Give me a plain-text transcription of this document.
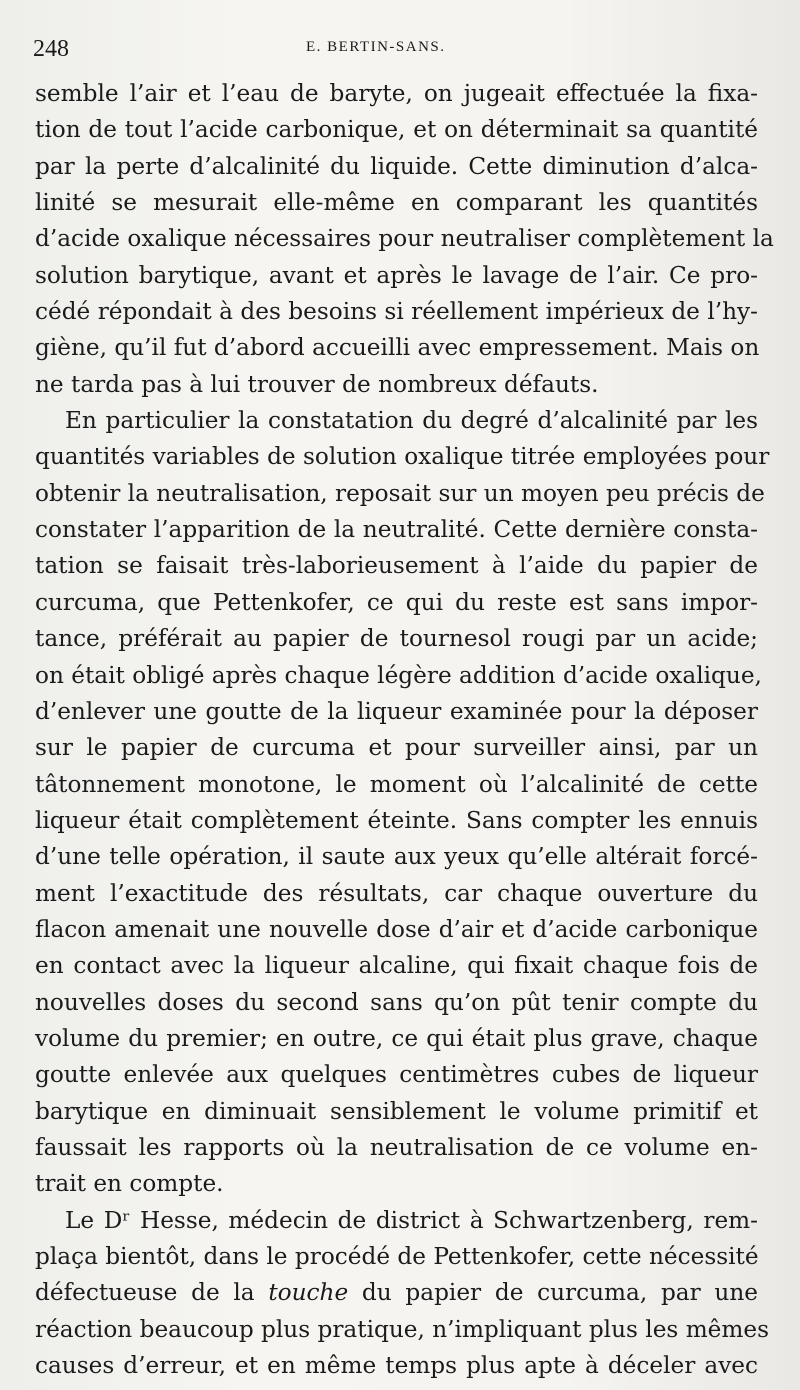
248	E. BERTIN-SANS.

semble l’air et l’eau de baryte, on jugeait effectuée la fixa-
tion de tout l’acide carbonique, et on déterminait sa quantité
par la perte d’alcalinité du liquide. Cette diminution d’alca-
linité se mesurait elle-même en comparant les quantités
d’acide oxalique nécessaires pour neutraliser complètement la
solution barytique, avant et après le lavage de l’air. Ce pro-
cédé répondait à des besoins si réellement impérieux de l’hy-
giène, qu’il fut d’abord accueilli avec empressement. Mais on
ne tarda pas à lui trouver de nombreux défauts.

En particulier la constatation du degré d’alcalinité par les
quantités variables de solution oxalique titrée employées pour
obtenir la neutralisation, reposait sur un moyen peu précis de
constater l’apparition de la neutralité. Cette dernière consta-
tation se faisait très-laborieusement à l’aide du papier de
curcuma, que Pettenkofer, ce qui du reste est sans impor-
tance, préférait au papier de tournesol rougi par un acide;
on était obligé après chaque légère addition d’acide oxalique,
d’enlever une goutte de la liqueur examinée pour la déposer
sur le papier de curcuma et pour surveiller ainsi, par un
tâtonnement monotone, le moment où l’alcalinité de cette
liqueur était complètement éteinte. Sans compter les ennuis
d’une telle opération, il saute aux yeux qu’elle altérait forcé-
ment l’exactitude des résultats, car chaque ouverture du
flacon amenait une nouvelle dose d’air et d’acide carbonique
en contact avec la liqueur alcaline, qui fixait chaque fois de
nouvelles doses du second sans qu’on pût tenir compte du
volume du premier; en outre, ce qui était plus grave, chaque
goutte enlevée aux quelques centimètres cubes de liqueur
barytique en diminuait sensiblement le volume primitif et
faussait les rapports où la neutralisation de ce volume en-
trait en compte.

Le Dʳ Hesse, médecin de district à Schwartzenberg, rem-
plaça bientôt, dans le procédé de Pettenkofer, cette nécessité
défectueuse de la touche du papier de curcuma, par une
réaction beaucoup plus pratique, n’impliquant plus les mêmes
causes d’erreur, et en même temps plus apte à déceler avec
